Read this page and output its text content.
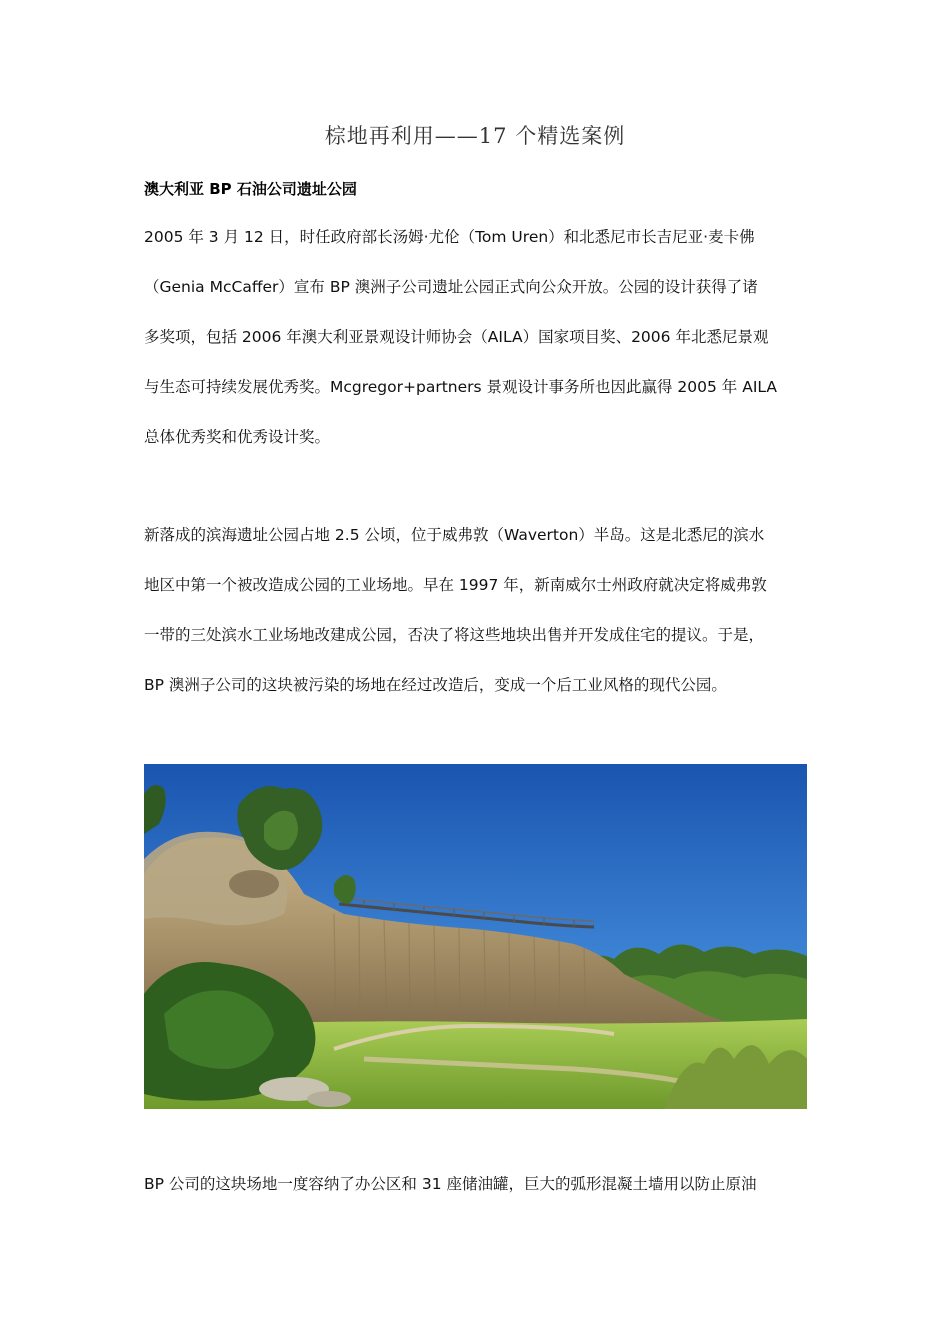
棕地再利用——17 个精选案例
澳大利亚 BP 石油公司遗址公园

2005 年 3 月 12 日，时任政府部长汤姆·尤伦（Tom Uren）和北悉尼市长吉尼亚·麦卡佛
（Genia McCaffer）宣布 BP 澳洲子公司遗址公园正式向公众开放。公园的设计获得了诸
多奖项，包括 2006 年澳大利亚景观设计师协会（AILA）国家项目奖、2006 年北悉尼景观
与生态可持续发展优秀奖。Mcgregor+partners 景观设计事务所也因此赢得 2005 年 AILA
总体优秀奖和优秀设计奖。

新落成的滨海遗址公园占地 2.5 公顷，位于威弗敦（Waverton）半岛。这是北悉尼的滨水
地区中第一个被改造成公园的工业场地。早在 1997 年，新南威尔士州政府就决定将威弗敦
一带的三处滨水工业场地改建成公园，否决了将这些地块出售并开发成住宅的提议。于是，
BP 澳洲子公司的这块被污染的场地在经过改造后，变成一个后工业风格的现代公园。

BP 公司的这块场地一度容纳了办公区和 31 座储油罐，巨大的弧形混凝土墙用以防止原油
